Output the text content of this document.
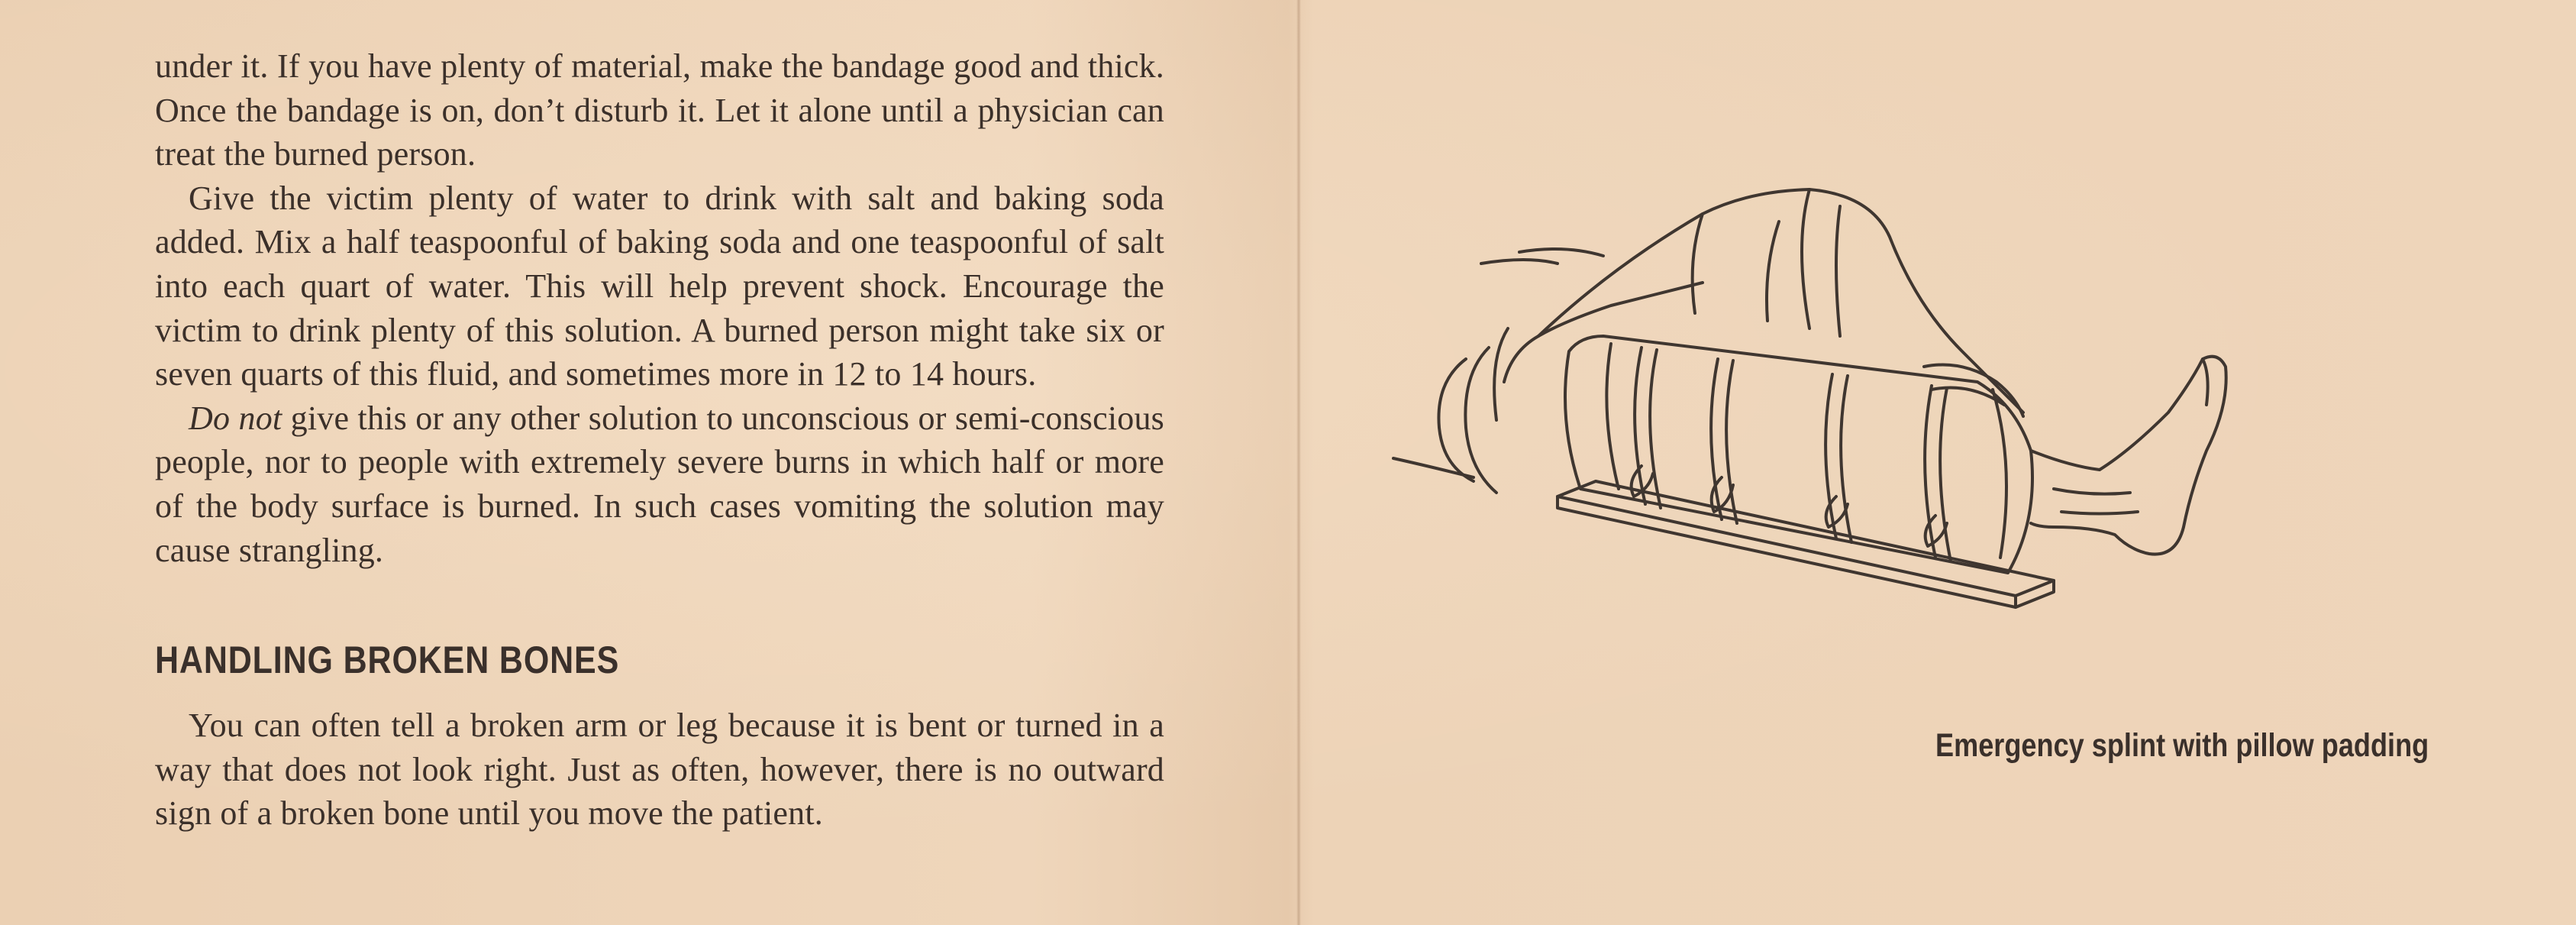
under it. If you have plenty of material, make the bandage good and thick. Once the bandage is on, don’t disturb it. Let it alone until a physician can treat the burned person.

Give the victim plenty of water to drink with salt and baking soda added. Mix a half teaspoonful of baking soda and one teaspoonful of salt into each quart of water. This will help prevent shock. Encourage the victim to drink plenty of this solution. A burned person might take six or seven quarts of this fluid, and sometimes more in 12 to 14 hours.

Do not give this or any other solution to unconscious or semi-conscious people, nor to people with extremely severe burns in which half or more of the body surface is burned. In such cases vomiting the solution may cause strangling.

HANDLING BROKEN BONES

You can often tell a broken arm or leg because it is bent or turned in a way that does not look right. Just as often, however, there is no outward sign of a broken bone until you move the patient.

Emergency splint with pillow padding
